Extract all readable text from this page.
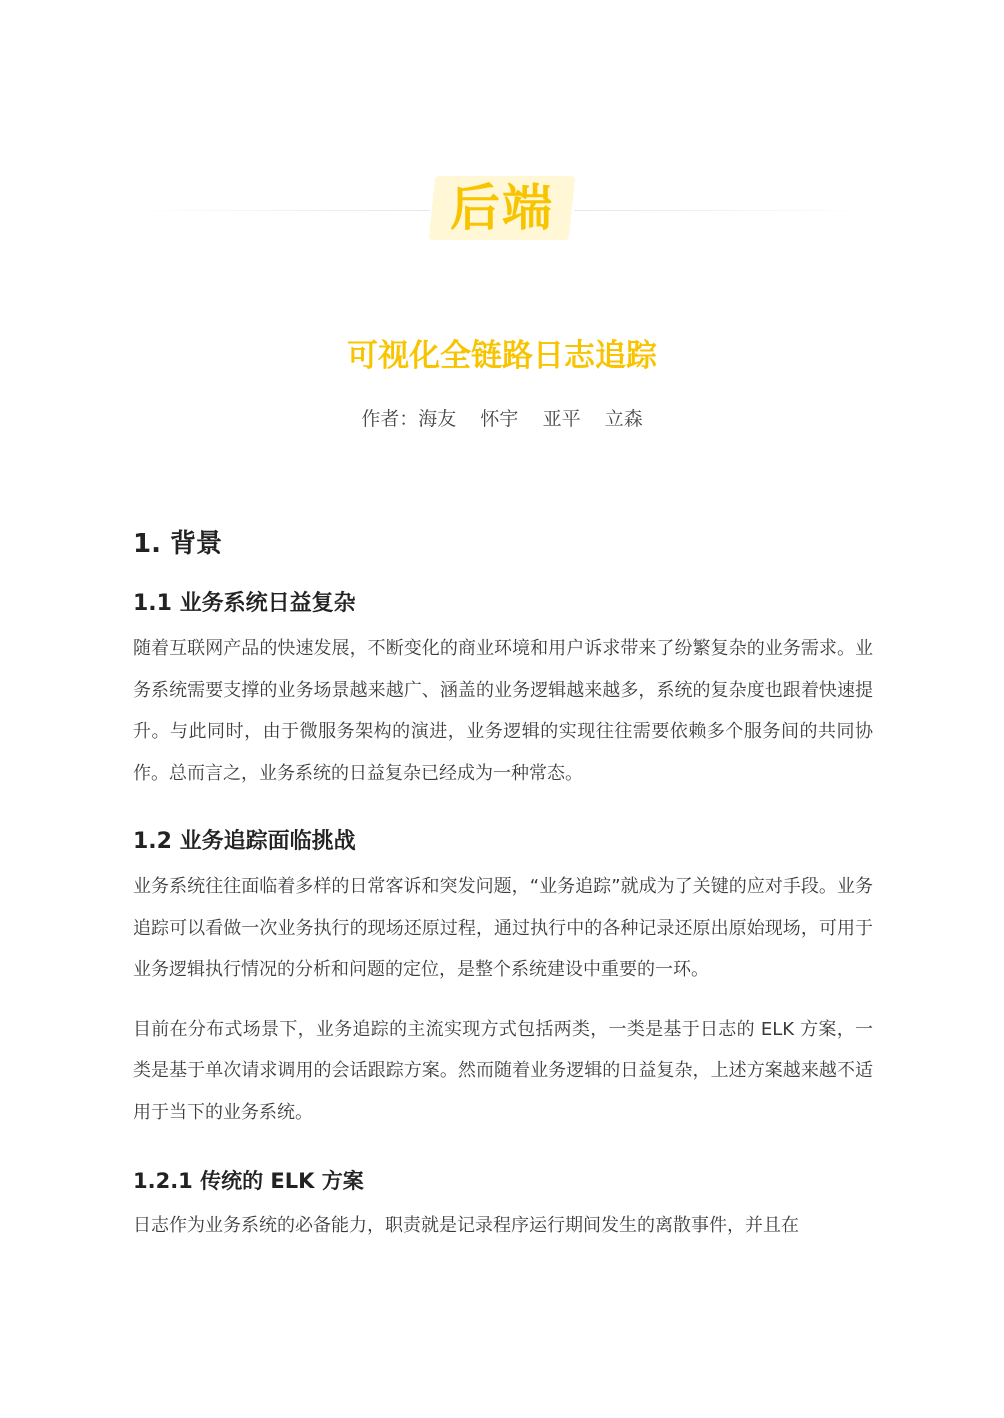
后端
可视化全链路日志追踪
作者：海友    怀宇    亚平    立森
1. 背景
1.1 业务系统日益复杂

随着互联网产品的快速发展，不断变化的商业环境和用户诉求带来了纷繁复杂的业务需求。业务系统需要支撑的业务场景越来越广、涵盖的业务逻辑越来越多，系统的复杂度也跟着快速提升。与此同时，由于微服务架构的演进，业务逻辑的实现往往需要依赖多个服务间的共同协作。总而言之，业务系统的日益复杂已经成为一种常态。

1.2 业务追踪面临挑战

业务系统往往面临着多样的日常客诉和突发问题，“业务追踪”就成为了关键的应对手段。业务追踪可以看做一次业务执行的现场还原过程，通过执行中的各种记录还原出原始现场，可用于业务逻辑执行情况的分析和问题的定位，是整个系统建设中重要的一环。

目前在分布式场景下，业务追踪的主流实现方式包括两类，一类是基于日志的 ELK 方案，一类是基于单次请求调用的会话跟踪方案。然而随着业务逻辑的日益复杂，上述方案越来越不适用于当下的业务系统。

1.2.1 传统的 ELK 方案

日志作为业务系统的必备能力，职责就是记录程序运行期间发生的离散事件，并且在
